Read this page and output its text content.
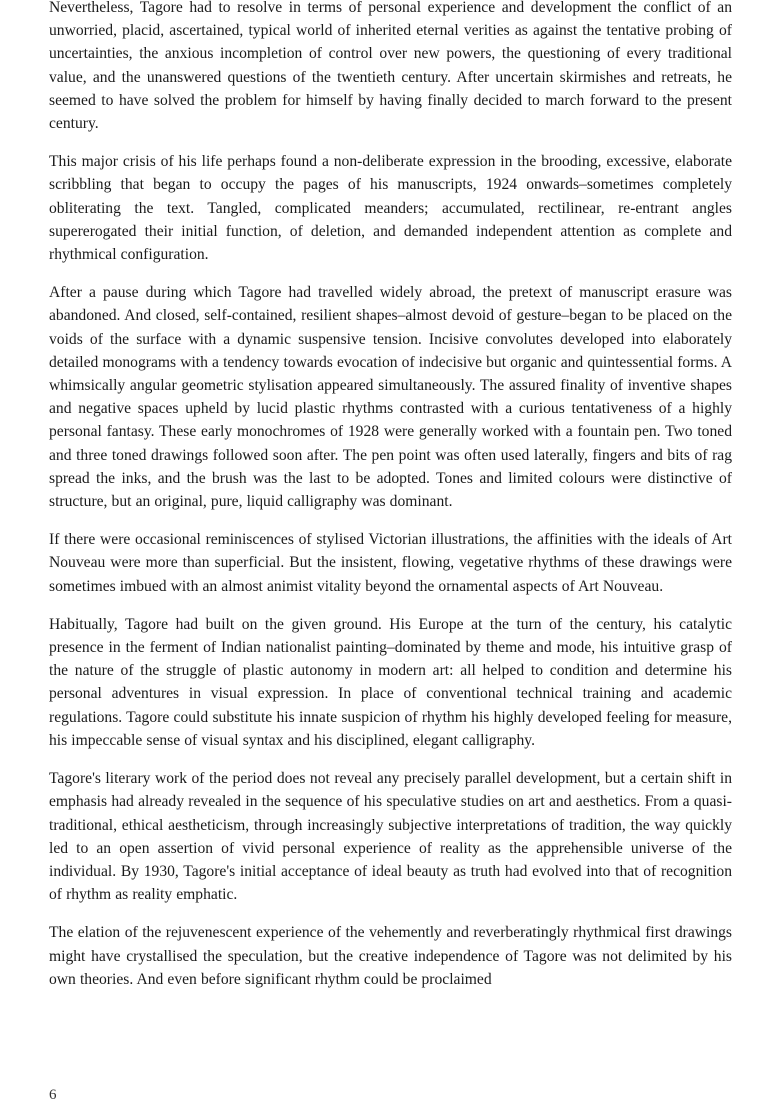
Nevertheless, Tagore had to resolve in terms of personal experience and development the conflict of an unworried, placid, ascertained, typical world of inherited eternal verities as against the tentative probing of uncertainties, the anxious incompletion of control over new powers, the questioning of every traditional value, and the unanswered questions of the twentieth century. After uncertain skirmishes and retreats, he seemed to have solved the problem for himself by having finally decided to march forward to the present century.

This major crisis of his life perhaps found a non-deliberate expression in the brooding, excessive, elaborate scribbling that began to occupy the pages of his manuscripts, 1924 onwards–sometimes completely obliterating the text. Tangled, complicated meanders; accumulated, rectilinear, re-entrant angles supererogated their initial function, of deletion, and demanded independent attention as complete and rhythmical configuration.

After a pause during which Tagore had travelled widely abroad, the pretext of manuscript erasure was abandoned. And closed, self-contained, resilient shapes–almost devoid of gesture–began to be placed on the voids of the surface with a dynamic suspensive tension. Incisive convolutes developed into elaborately detailed monograms with a tendency towards evocation of indecisive but organic and quintessential forms. A whimsically angular geometric stylisation appeared simultaneously. The assured finality of inventive shapes and negative spaces upheld by lucid plastic rhythms contrasted with a curious tentativeness of a highly personal fantasy. These early monochromes of 1928 were generally worked with a fountain pen. Two toned and three toned drawings followed soon after. The pen point was often used laterally, fingers and bits of rag spread the inks, and the brush was the last to be adopted. Tones and limited colours were distinctive of structure, but an original, pure, liquid calligraphy was dominant.

If there were occasional reminiscences of stylised Victorian illustrations, the affinities with the ideals of Art Nouveau were more than superficial. But the insistent, flowing, vegetative rhythms of these drawings were sometimes imbued with an almost animist vitality beyond the ornamental aspects of Art Nouveau.

Habitually, Tagore had built on the given ground. His Europe at the turn of the century, his catalytic presence in the ferment of Indian nationalist painting–dominated by theme and mode, his intuitive grasp of the nature of the struggle of plastic autonomy in modern art: all helped to condition and determine his personal adventures in visual expression. In place of conventional technical training and academic regulations. Tagore could substitute his innate suspicion of rhythm his highly developed feeling for measure, his impeccable sense of visual syntax and his disciplined, elegant calligraphy.

Tagore's literary work of the period does not reveal any precisely parallel development, but a certain shift in emphasis had already revealed in the sequence of his speculative studies on art and aesthetics. From a quasi-traditional, ethical aestheticism, through increasingly subjective interpretations of tradition, the way quickly led to an open assertion of vivid personal experience of reality as the apprehensible universe of the individual. By 1930, Tagore's initial acceptance of ideal beauty as truth had evolved into that of recognition of rhythm as reality emphatic.

The elation of the rejuvenescent experience of the vehemently and reverberatingly rhythmical first drawings might have crystallised the speculation, but the creative independence of Tagore was not delimited by his own theories. And even before significant rhythm could be proclaimed

6
